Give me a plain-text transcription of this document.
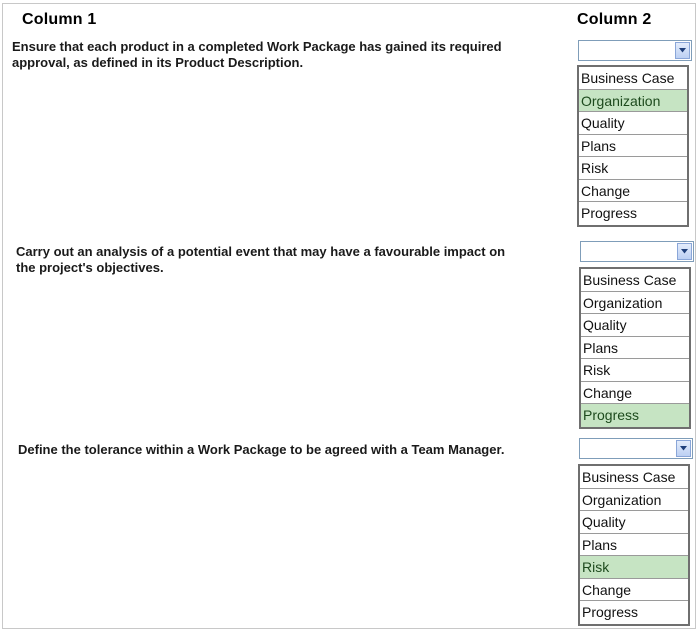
Column 1	Column 2
Ensure that each product in a completed Work Package has gained its required
approval, as defined in its Product Description.
Business Case
Organization
Quality
Plans
Risk
Change
Progress
Carry out an analysis of a potential event that may have a favourable impact on
the project's objectives.
Business Case
Organization
Quality
Plans
Risk
Change
Progress
Define the tolerance within a Work Package to be agreed with a Team Manager.
Business Case
Organization
Quality
Plans
Risk
Change
Progress
